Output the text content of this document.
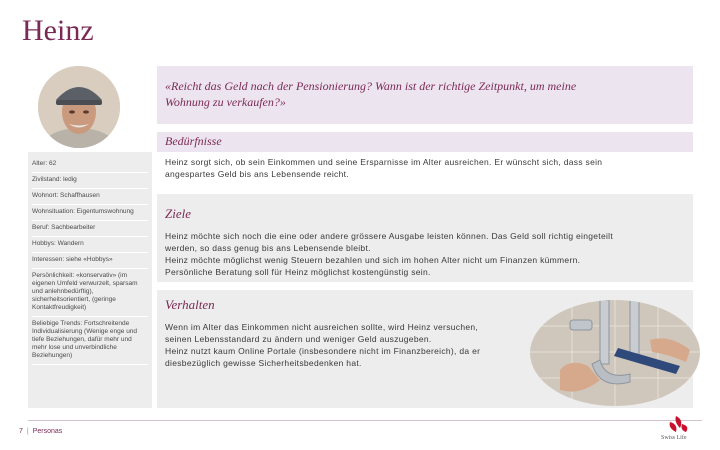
Heinz
«Reicht das Geld nach der Pensionierung? Wann ist der richtige Zeitpunkt, um meine
Wohnung zu verkaufen?»
Alter: 62
Zivilstand: ledig
Wohnort: Schaffhausen
Wohnsituation: Eigentumswohnung
Beruf: Sachbearbeiter
Hobbys: Wandern
Interessen: siehe «Hobbys»
Persönlichkeit: «konservativ» (im eigenen Umfeld verwurzelt, sparsam und anlehnbedürftig), sicherheitsorientiert, (geringe Kontaktfreudigkeit)
Beliebige Trends: Fortschreitende Individualisierung (Wenige enge und tiefe Beziehungen, dafür mehr und mehr lose und unverbindliche Beziehungen)
Bedürfnisse
Heinz sorgt sich, ob sein Einkommen und seine Ersparnisse im Alter ausreichen. Er wünscht sich, dass sein
angespartes Geld bis ans Lebensende reicht.
Ziele
Heinz möchte sich noch die eine oder andere grössere Ausgabe leisten können. Das Geld soll richtig eingeteilt
werden, so dass genug bis ans Lebensende bleibt.
Heinz möchte möglichst wenig Steuern bezahlen und sich im hohen Alter nicht um Finanzen kümmern.
Persönliche Beratung soll für Heinz möglichst kostengünstig sein.
Verhalten
Wenn im Alter das Einkommen nicht ausreichen sollte, wird Heinz versuchen,
seinen Lebensstandard zu ändern und weniger Geld auszugeben.
Heinz nutzt kaum Online Portale (insbesondere nicht im Finanzbereich), da er
diesbezüglich gewisse Sicherheitsbedenken hat.
7 | Personas
Swiss Life
